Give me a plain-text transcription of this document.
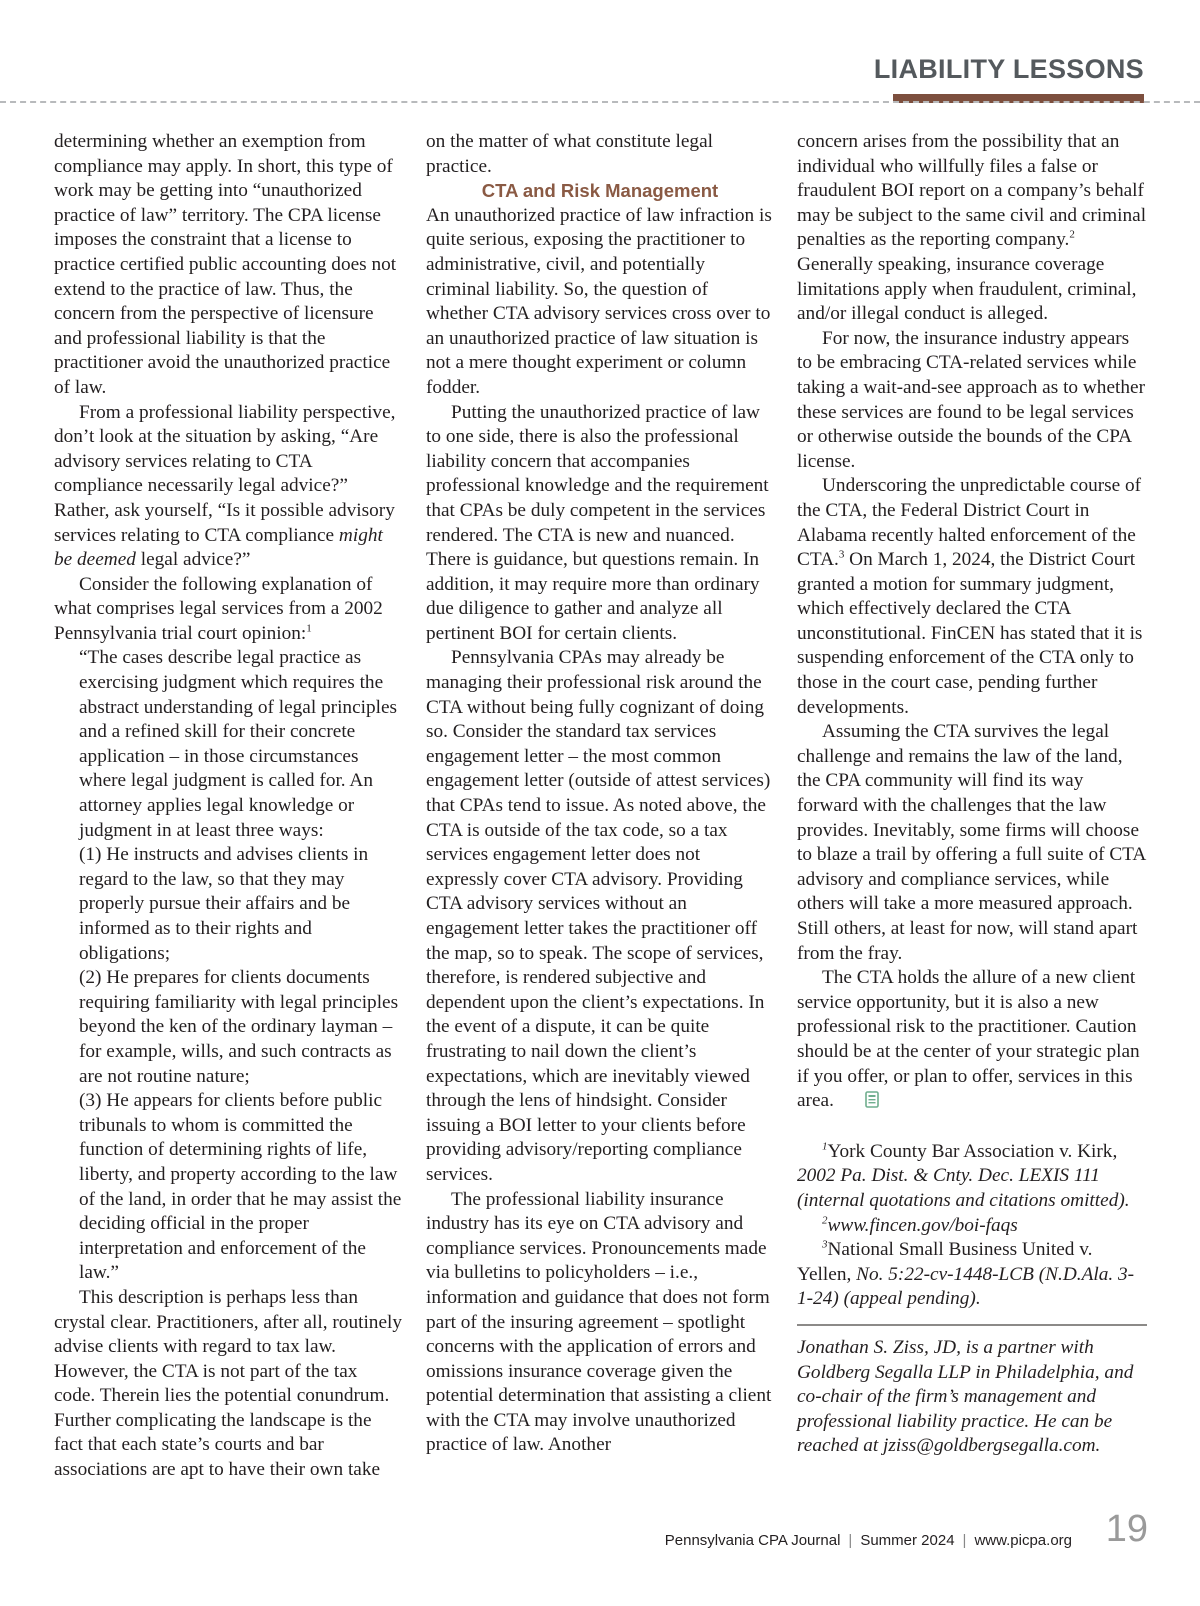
LIABILITY LESSONS

determining whether an exemption from compliance may apply. In short, this type of work may be getting into “unauthorized practice of law” territory. The CPA license imposes the constraint that a license to practice certified public accounting does not extend to the practice of law. Thus, the concern from the perspective of licensure and professional liability is that the practitioner avoid the unauthorized practice of law.

From a professional liability perspective, don’t look at the situation by asking, “Are advisory services relating to CTA compliance necessarily legal advice?” Rather, ask yourself, “Is it possible advisory services relating to CTA compliance might be deemed legal advice?”

Consider the following explanation of what comprises legal services from a 2002 Pennsylvania trial court opinion:$^1$

“The cases describe legal practice as exercising judgment which requires the abstract understanding of legal principles and a refined skill for their concrete application – in those circumstances where legal judgment is called for. An attorney applies legal knowledge or judgment in at least three ways:

(1) He instructs and advises clients in regard to the law, so that they may properly pursue their affairs and be informed as to their rights and obligations;

(2) He prepares for clients documents requiring familiarity with legal principles beyond the ken of the ordinary layman – for example, wills, and such contracts as are not routine nature;

(3) He appears for clients before public tribunals to whom is committed the function of determining rights of life, liberty, and property according to the law of the land, in order that he may assist the deciding official in the proper interpretation and enforcement of the law.”

This description is perhaps less than crystal clear. Practitioners, after all, routinely advise clients with regard to tax law. However, the CTA is not part of the tax code. Therein lies the potential conundrum. Further complicating the landscape is the fact that each state’s courts and bar associations are apt to have their own take

on the matter of what constitute legal practice.

CTA and Risk Management

An unauthorized practice of law infraction is quite serious, exposing the practitioner to administrative, civil, and potentially criminal liability. So, the question of whether CTA advisory services cross over to an unauthorized practice of law situation is not a mere thought experiment or column fodder.

Putting the unauthorized practice of law to one side, there is also the professional liability concern that accompanies professional knowledge and the requirement that CPAs be duly competent in the services rendered. The CTA is new and nuanced. There is guidance, but questions remain. In addition, it may require more than ordinary due diligence to gather and analyze all pertinent BOI for certain clients.

Pennsylvania CPAs may already be managing their professional risk around the CTA without being fully cognizant of doing so. Consider the standard tax services engagement letter – the most common engagement letter (outside of attest services) that CPAs tend to issue. As noted above, the CTA is outside of the tax code, so a tax services engagement letter does not expressly cover CTA advisory. Providing CTA advisory services without an engagement letter takes the practitioner off the map, so to speak. The scope of services, therefore, is rendered subjective and dependent upon the client’s expectations. In the event of a dispute, it can be quite frustrating to nail down the client’s expectations, which are inevitably viewed through the lens of hindsight. Consider issuing a BOI letter to your clients before providing advisory/reporting compliance services.

The professional liability insurance industry has its eye on CTA advisory and compliance services. Pronouncements made via bulletins to policyholders – i.e., information and guidance that does not form part of the insuring agreement – spotlight concerns with the application of errors and omissions insurance coverage given the potential determination that assisting a client with the CTA may involve unauthorized practice of law. Another

concern arises from the possibility that an individual who willfully files a false or fraudulent BOI report on a company’s behalf may be subject to the same civil and criminal penalties as the reporting company.$^2$ Generally speaking, insurance coverage limitations apply when fraudulent, criminal, and/or illegal conduct is alleged.

For now, the insurance industry appears to be embracing CTA-related services while taking a wait-and-see approach as to whether these services are found to be legal services or otherwise outside the bounds of the CPA license.

Underscoring the unpredictable course of the CTA, the Federal District Court in Alabama recently halted enforcement of the CTA.$^3$ On March 1, 2024, the District Court granted a motion for summary judgment, which effectively declared the CTA unconstitutional. FinCEN has stated that it is suspending enforcement of the CTA only to those in the court case, pending further developments.

Assuming the CTA survives the legal challenge and remains the law of the land, the CPA community will find its way forward with the challenges that the law provides. Inevitably, some firms will choose to blaze a trail by offering a full suite of CTA advisory and compliance services, while others will take a more measured approach. Still others, at least for now, will stand apart from the fray.

The CTA holds the allure of a new client service opportunity, but it is also a new professional risk to the practitioner. Caution should be at the center of your strategic plan if you offer, or plan to offer, services in this area.

$^1$York County Bar Association v. Kirk, 2002 Pa. Dist. & Cnty. Dec. LEXIS 111 (internal quotations and citations omitted).

$^2$www.fincen.gov/boi-faqs

$^3$National Small Business United v. Yellen, No. 5:22-cv-1448-LCB (N.D.Ala. 3-1-24) (appeal pending).

Jonathan S. Ziss, JD, is a partner with Goldberg Segalla LLP in Philadelphia, and co-chair of the firm’s management and professional liability practice. He can be reached at jziss@goldbergsegalla.com.

Pennsylvania CPA Journal | Summer 2024 | www.picpa.org 19
